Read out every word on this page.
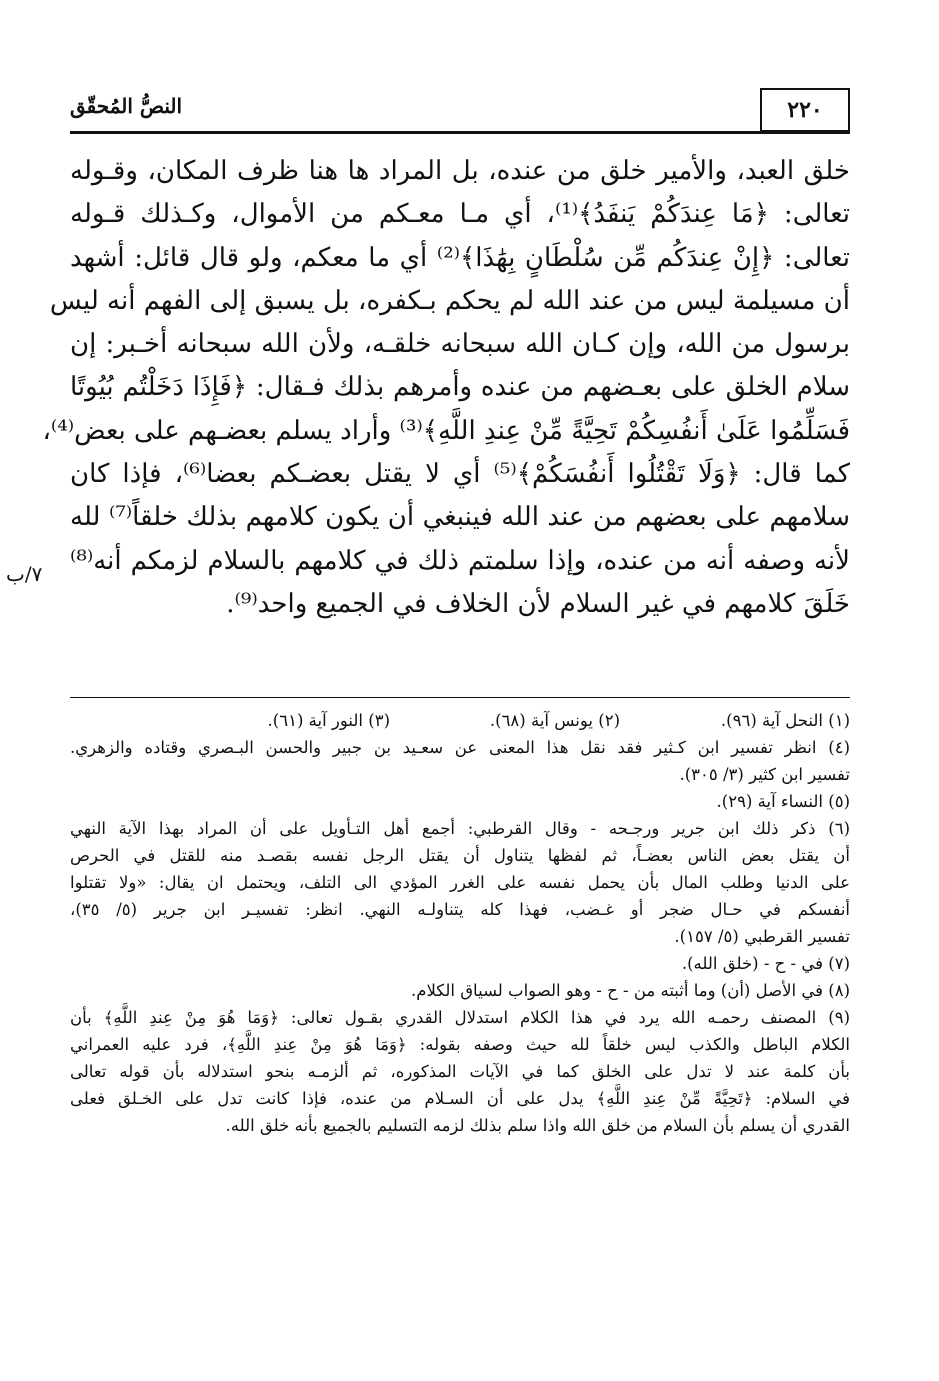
٢٢٠
النصُّ المُحقّق
خلق العبد، والأمير خلق من عنده، بل المراد ها هنا ظرف المكان، وقـوله
تعالى: ﴿مَا عِندَكُمْ يَنفَدُ﴾⁽¹⁾، أي مـا معـكم من الأموال، وكـذلك قـوله
تعالى: ﴿إِنْ عِندَكُم مِّن سُلْطَانٍ بِهَٰذَا﴾⁽²⁾ أي ما معكم، ولو قال قائل: أشهد
أن مسيلمة ليس من عند الله لم يحكم بـكفره، بل يسبق إلى الفهم أنه ليس
برسول من الله، وإن كـان الله سبحانه خلقـه، ولأن الله سبحانه أخـبر: إن
سلام الخلق على بعـضهم من عنده وأمرهم بذلك فـقال: ﴿فَإِذَا دَخَلْتُم بُيُوتًا
فَسَلِّمُوا عَلَىٰ أَنفُسِكُمْ تَحِيَّةً مِّنْ عِندِ اللَّهِ﴾⁽³⁾ وأراد يسلم بعضـهم على بعض⁽⁴⁾،
كما قال: ﴿وَلَا تَقْتُلُوا أَنفُسَكُمْ﴾⁽⁵⁾ أي لا يقتل بعضـكم بعضا⁽⁶⁾، فإذا كان
سلامهم على بعضهم من عند الله فينبغي أن يكون كلامهم بذلك خلقاً⁽⁷⁾ لله
لأنه وصفه أنه من عنده، وإذا سلمتم ذلك في كلامهم بالسلام لزمكم أنه⁽⁸⁾
خَلَقَ كلامهم في غير السلام لأن الخلاف في الجميع واحد⁽⁹⁾.
٧/ب
(١) النحل آية (٩٦).
(٢) يونس آية (٦٨).
(٣) النور آية (٦١).
(٤) انظر تفسير ابن كـثير فقد نقل هذا المعنى عن سعـيد بن جبير والحسن البـصري وقتاده والزهري.
تفسير ابن كثير (٣/ ٣٠٥).
(٥) النساء آية (٢٩).
(٦) ذكر ذلك ابن جرير ورجـحه - وقال القرطبي: أجمع أهل التـأويل على أن المراد بهذا الآية النهي
أن يقتل بعض الناس بعضـاً، ثم لفظها يتناول أن يقتل الرجل نفسه بقصـد منه للقتل في الحرص
على الدنيا وطلب المال بأن يحمل نفسه على الغرر المؤدي الى التلف، ويحتمل ان يقال: «ولا تقتلوا
أنفسكم في حـال ضجر أو غـضب، فهذا كله يتناولـه النهي. انظر: تفسيـر ابن جرير (٥/ ٣٥)،
تفسير القرطبي (٥/ ١٥٧).
(٧) في - ح - (خلق الله).
(٨) في الأصل (أن) وما أثبته من - ح - وهو الصواب لسياق الكلام.
(٩) المصنف رحمـه الله يرد في هذا الكلام استدلال القدري بقـول تعالى: ﴿وَمَا هُوَ مِنْ عِندِ اللَّهِ﴾ بأن
الكلام الباطل والكذب ليس خلقاً لله حيث وصفه بقوله: ﴿وَمَا هُوَ مِنْ عِندِ اللَّهِ﴾، فرد عليه العمراني
بأن كلمة عند لا تدل على الخلق كما في الآيات المذكوره، ثم ألزمـه بنحو استدلاله بأن قوله تعالى
في السلام: ﴿تَحِيَّةً مِّنْ عِندِ اللَّهِ﴾ يدل على أن السـلام من عنده، فإذا كانت تدل على الخـلق فعلى
القدري أن يسلم بأن السلام من خلق الله واذا سلم بذلك لزمه التسليم بالجميع بأنه خلق الله.
